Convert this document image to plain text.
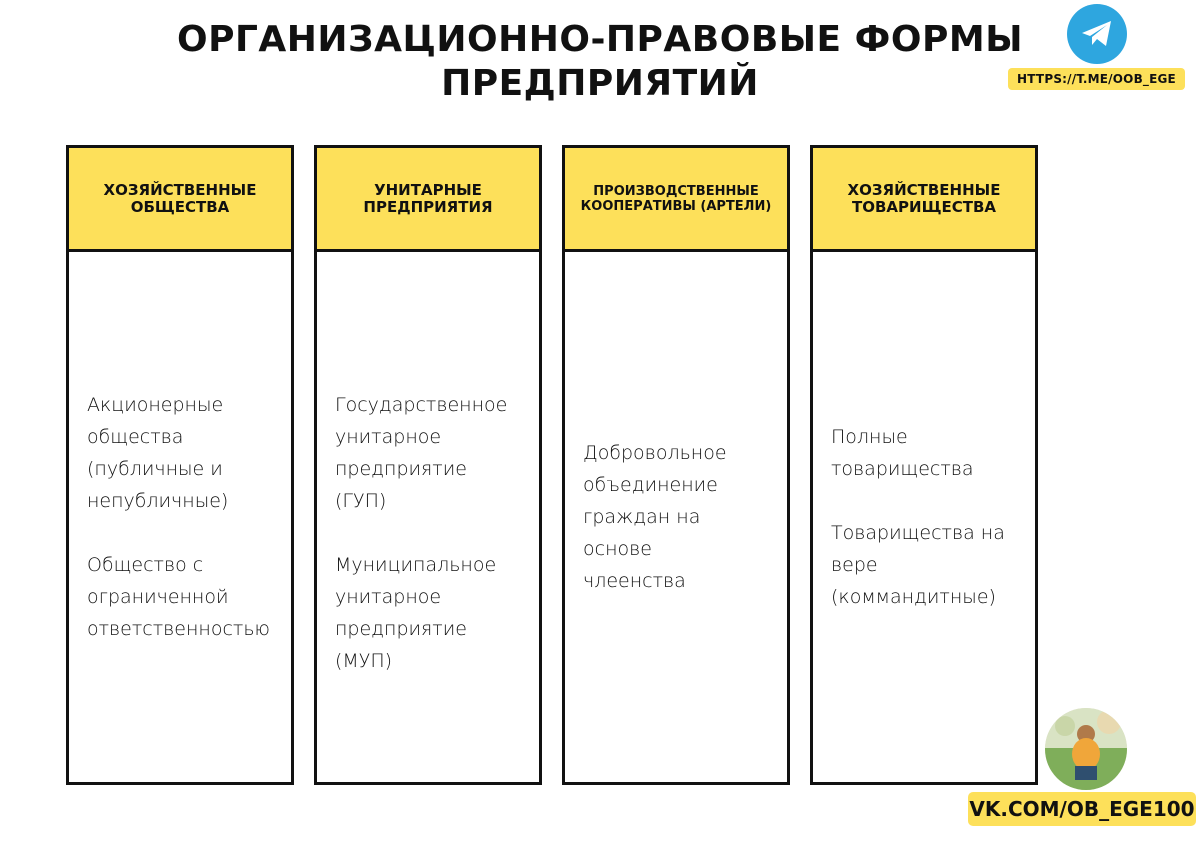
ОРГАНИЗАЦИОННО-ПРАВОВЫЕ ФОРМЫ ПРЕДПРИЯТИЙ	HTTPS://T.ME/OOB_EGE
ХОЗЯЙСТВЕННЫЕ ОБЩЕСТВА

Акционерные
общества
(публичные и
непубличные)

Общество с
ограниченной
ответственностью

УНИТАРНЫЕ ПРЕДПРИЯТИЯ

Государственное
унитарное
предприятие (ГУП)

Муниципальное
унитарное
предприятие
(МУП)

ПРОИЗВОДСТВЕННЫЕ КООПЕРАТИВЫ (АРТЕЛИ)

Добровольное
объединение
граждан на
основе
члеенства

ХОЗЯЙСТВЕННЫЕ ТОВАРИЩЕСТВА

Полные
товарищества

Товарищества на
вере
(коммандитные)

VK.COM/OB_EGE100
